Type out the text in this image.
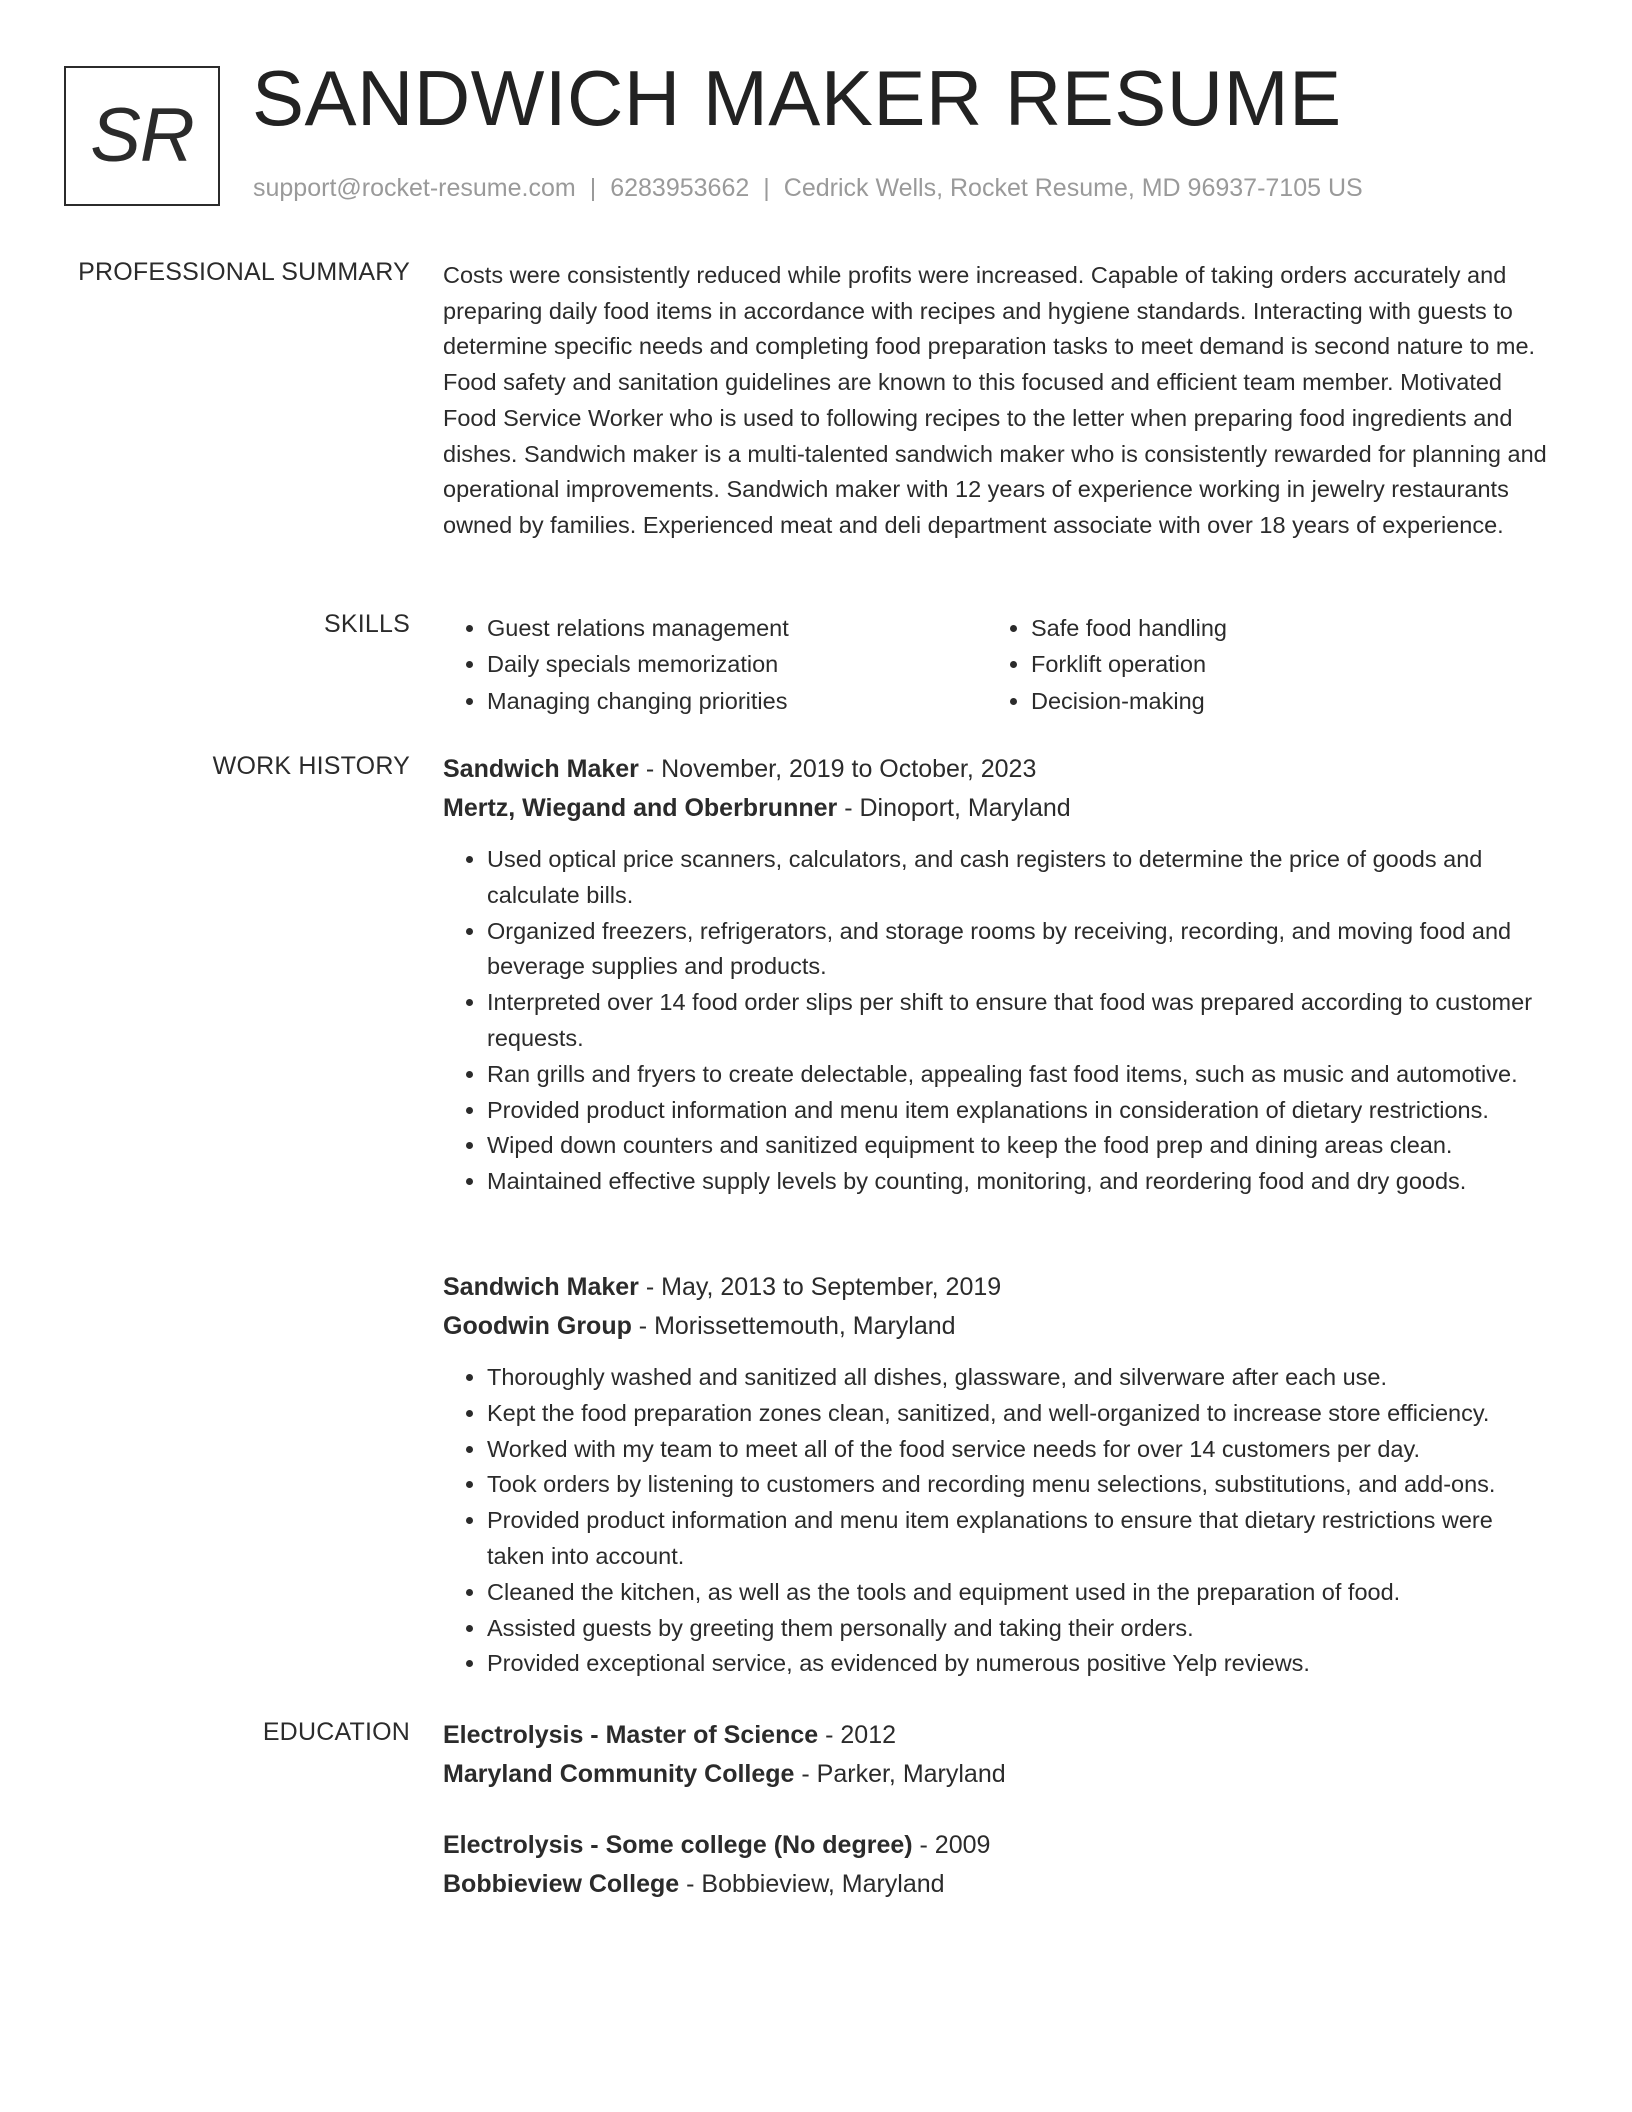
SR SANDWICH MAKER RESUME
support@rocket-resume.com | 6283953662 | Cedrick Wells, Rocket Resume, MD 96937-7105 US
PROFESSIONAL SUMMARY Costs were consistently reduced while profits were increased. Capable of taking orders accurately and preparing daily food items in accordance with recipes and hygiene standards. Interacting with guests to determine specific needs and completing food preparation tasks to meet demand is second nature to me. Food safety and sanitation guidelines are known to this focused and efficient team member. Motivated Food Service Worker who is used to following recipes to the letter when preparing food ingredients and dishes. Sandwich maker is a multi-talented sandwich maker who is consistently rewarded for planning and operational improvements. Sandwich maker with 12 years of experience working in jewelry restaurants owned by families. Experienced meat and deli department associate with over 18 years of experience.

SKILLS
•	Guest relations management
• Daily specials memorization
• Managing changing priorities
• Safe food handling
• Forklift operation
• Decision-making
WORK HISTORY Sandwich Maker - November, 2019 to October, 2023
Mertz, Wiegand and Oberbrunner - Dinoport, Maryland
• Used optical price scanners, calculators, and cash registers to determine the price of goods and calculate bills.
• Organized freezers, refrigerators, and storage rooms by receiving, recording, and moving food and beverage supplies and products.
• Interpreted over 14 food order slips per shift to ensure that food was prepared according to customer requests.
• Ran grills and fryers to create delectable, appealing fast food items, such as music and automotive.
• Provided product information and menu item explanations in consideration of dietary restrictions.
• Wiped down counters and sanitized equipment to keep the food prep and dining areas clean.
• Maintained effective supply levels by counting, monitoring, and reordering food and dry goods.
Sandwich Maker - May, 2013 to September, 2019
Goodwin Group - Morissettemouth, Maryland
• Thoroughly washed and sanitized all dishes, glassware, and silverware after each use.
• Kept the food preparation zones clean, sanitized, and well-organized to increase store efficiency.
• Worked with my team to meet all of the food service needs for over 14 customers per day.
• Took orders by listening to customers and recording menu selections, substitutions, and add-ons.
• Provided product information and menu item explanations to ensure that dietary restrictions were taken into account.
• Cleaned the kitchen, as well as the tools and equipment used in the preparation of food.
• Assisted guests by greeting them personally and taking their orders.
• Provided exceptional service, as evidenced by numerous positive Yelp reviews.
EDUCATION Electrolysis - Master of Science - 2012
Maryland Community College - Parker, Maryland
Electrolysis - Some college (No degree) - 2009
Bobbieview College - Bobbieview, Maryland
